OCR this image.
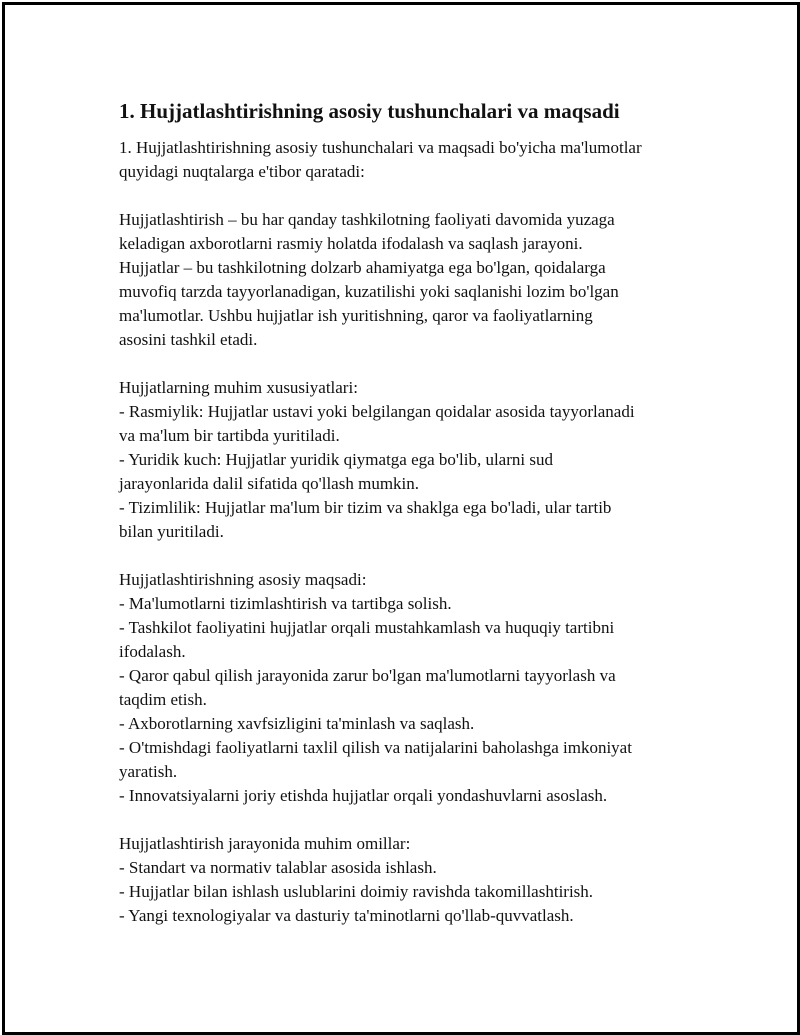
1. Hujjatlashtirishning asosiy tushunchalari va maqsadi

1. Hujjatlashtirishning asosiy tushunchalari va maqsadi bo'yicha ma'lumotlar
quyidagi nuqtalarga e'tibor qaratadi:

Hujjatlashtirish – bu har qanday tashkilotning faoliyati davomida yuzaga
keladigan axborotlarni rasmiy holatda ifodalash va saqlash jarayoni.
Hujjatlar – bu tashkilotning dolzarb ahamiyatga ega bo'lgan, qoidalarga
muvofiq tarzda tayyorlanadigan, kuzatilishi yoki saqlanishi lozim bo'lgan
ma'lumotlar. Ushbu hujjatlar ish yuritishning, qaror va faoliyatlarning
asosini tashkil etadi.

Hujjatlarning muhim xususiyatlari:
- Rasmiylik: Hujjatlar ustavi yoki belgilangan qoidalar asosida tayyorlanadi
va ma'lum bir tartibda yuritiladi.
- Yuridik kuch: Hujjatlar yuridik qiymatga ega bo'lib, ularni sud
jarayonlarida dalil sifatida qo'llash mumkin.
- Tizimlilik: Hujjatlar ma'lum bir tizim va shaklga ega bo'ladi, ular tartib
bilan yuritiladi.

Hujjatlashtirishning asosiy maqsadi:
- Ma'lumotlarni tizimlashtirish va tartibga solish.
- Tashkilot faoliyatini hujjatlar orqali mustahkamlash va huquqiy tartibni
ifodalash.
- Qaror qabul qilish jarayonida zarur bo'lgan ma'lumotlarni tayyorlash va
taqdim etish.
- Axborotlarning xavfsizligini ta'minlash va saqlash.
- O'tmishdagi faoliyatlarni taxlil qilish va natijalarini baholashga imkoniyat
yaratish.
- Innovatsiyalarni joriy etishda hujjatlar orqali yondashuvlarni asoslash.

Hujjatlashtirish jarayonida muhim omillar:
- Standart va normativ talablar asosida ishlash.
- Hujjatlar bilan ishlash uslublarini doimiy ravishda takomillashtirish.
- Yangi texnologiyalar va dasturiy ta'minotlarni qo'llab-quvvatlash.
